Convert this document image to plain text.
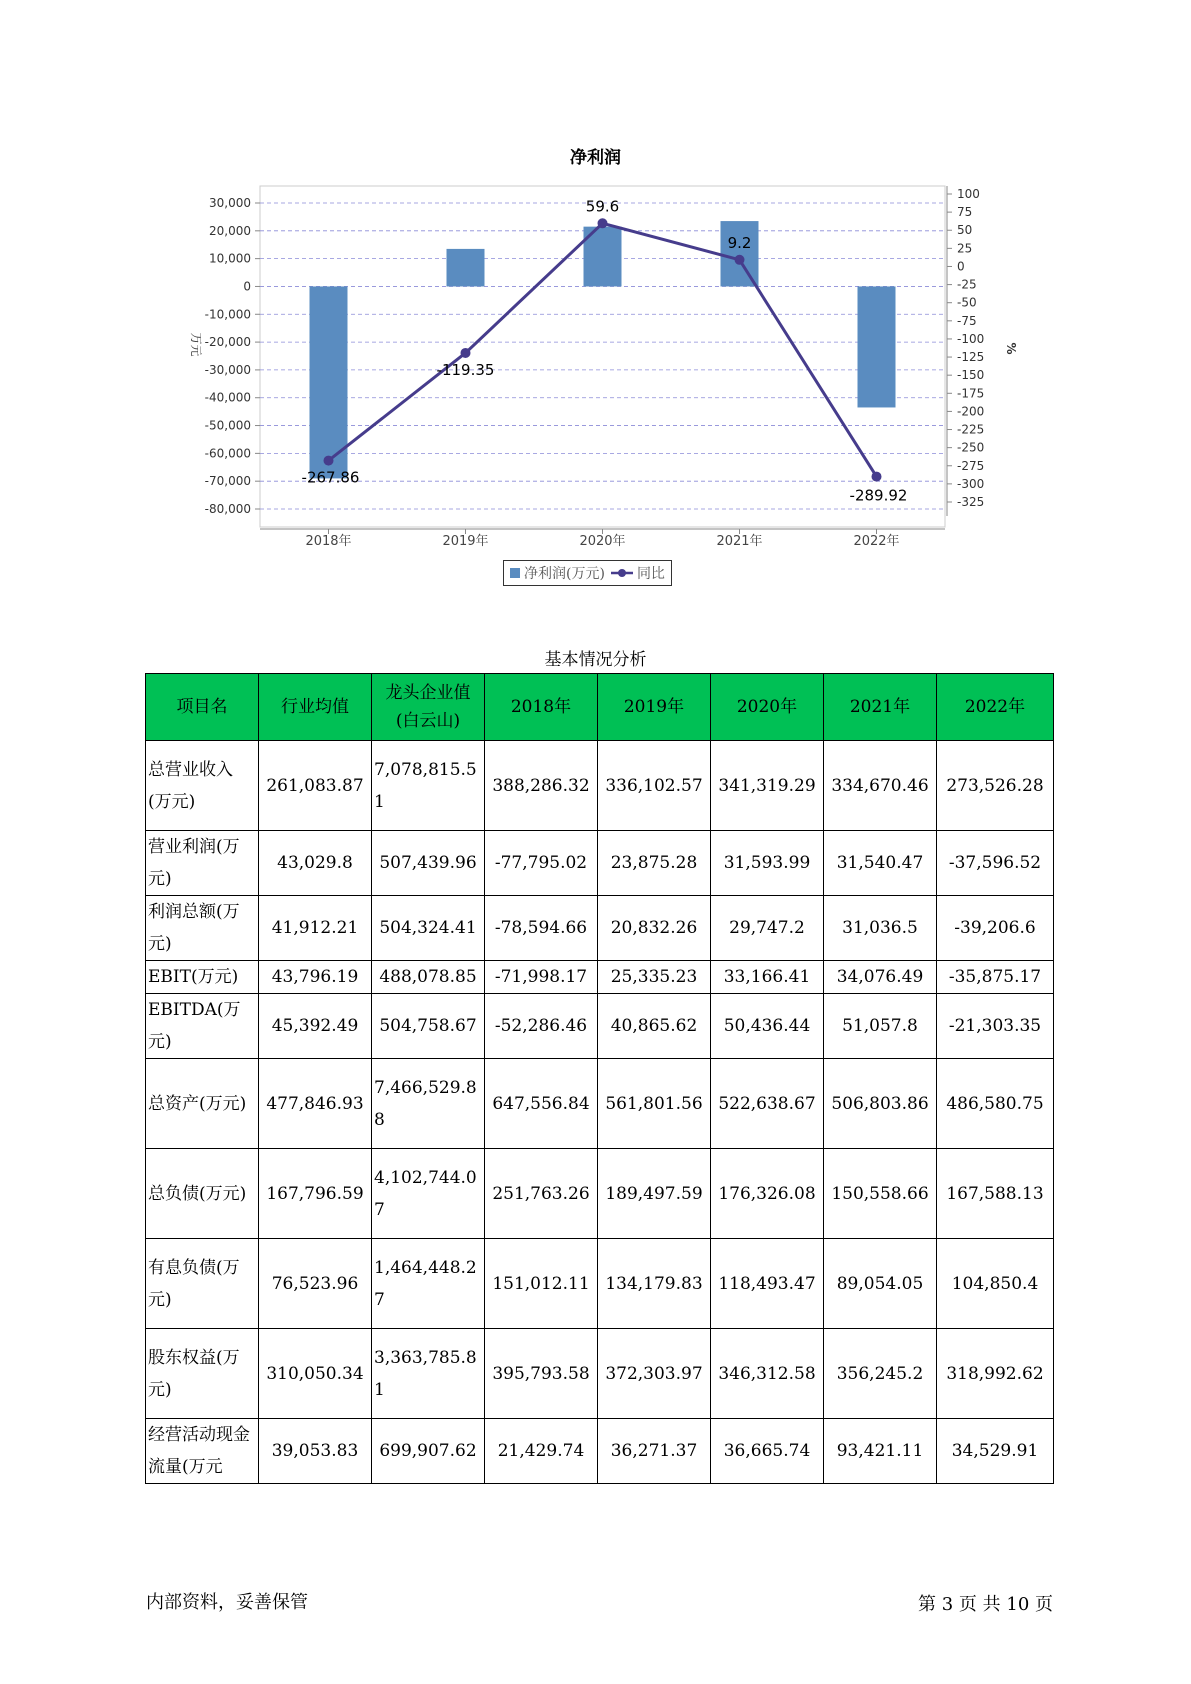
净利润
30,000
20,000
10,000
0
-10,000
-20,000
-30,000
-40,000
-50,000
-60,000
-70,000
-80,000
100
75
50
25
0
-25
-50
-75
-100
-125
-150
-175
-200
-225
-250
-275
-300
-325
万元	%
2018年	2019年	2020年	2021年	2022年
-267.86
-119.35
59.6
9.2
-289.92
净利润(万元) 同比
基本情况分析
项目名	行业均值	龙头企业值(白云山)	2018年	2019年	2020年	2021年	2022年
总营业收入(万元)	261,083.87	7,078,815.51	388,286.32	336,102.57	341,319.29	334,670.46	273,526.28
营业利润(万元)	43,029.8	507,439.96	-77,795.02	23,875.28	31,593.99	31,540.47	-37,596.52
利润总额(万元)	41,912.21	504,324.41	-78,594.66	20,832.26	29,747.2	31,036.5	-39,206.6
EBIT(万元)	43,796.19	488,078.85	-71,998.17	25,335.23	33,166.41	34,076.49	-35,875.17
EBITDA(万元)	45,392.49	504,758.67	-52,286.46	40,865.62	50,436.44	51,057.8	-21,303.35
总资产(万元)	477,846.93	7,466,529.88	647,556.84	561,801.56	522,638.67	506,803.86	486,580.75
总负债(万元)	167,796.59	4,102,744.07	251,763.26	189,497.59	176,326.08	150,558.66	167,588.13
有息负债(万元)	76,523.96	1,464,448.27	151,012.11	134,179.83	118,493.47	89,054.05	104,850.4
股东权益(万元)	310,050.34	3,363,785.81	395,793.58	372,303.97	346,312.58	356,245.2	318,992.62
经营活动现金流量(万元	39,053.83	699,907.62	21,429.74	36,271.37	36,665.74	93,421.11	34,529.91
内部资料，妥善保管	第 3 页 共 10 页
